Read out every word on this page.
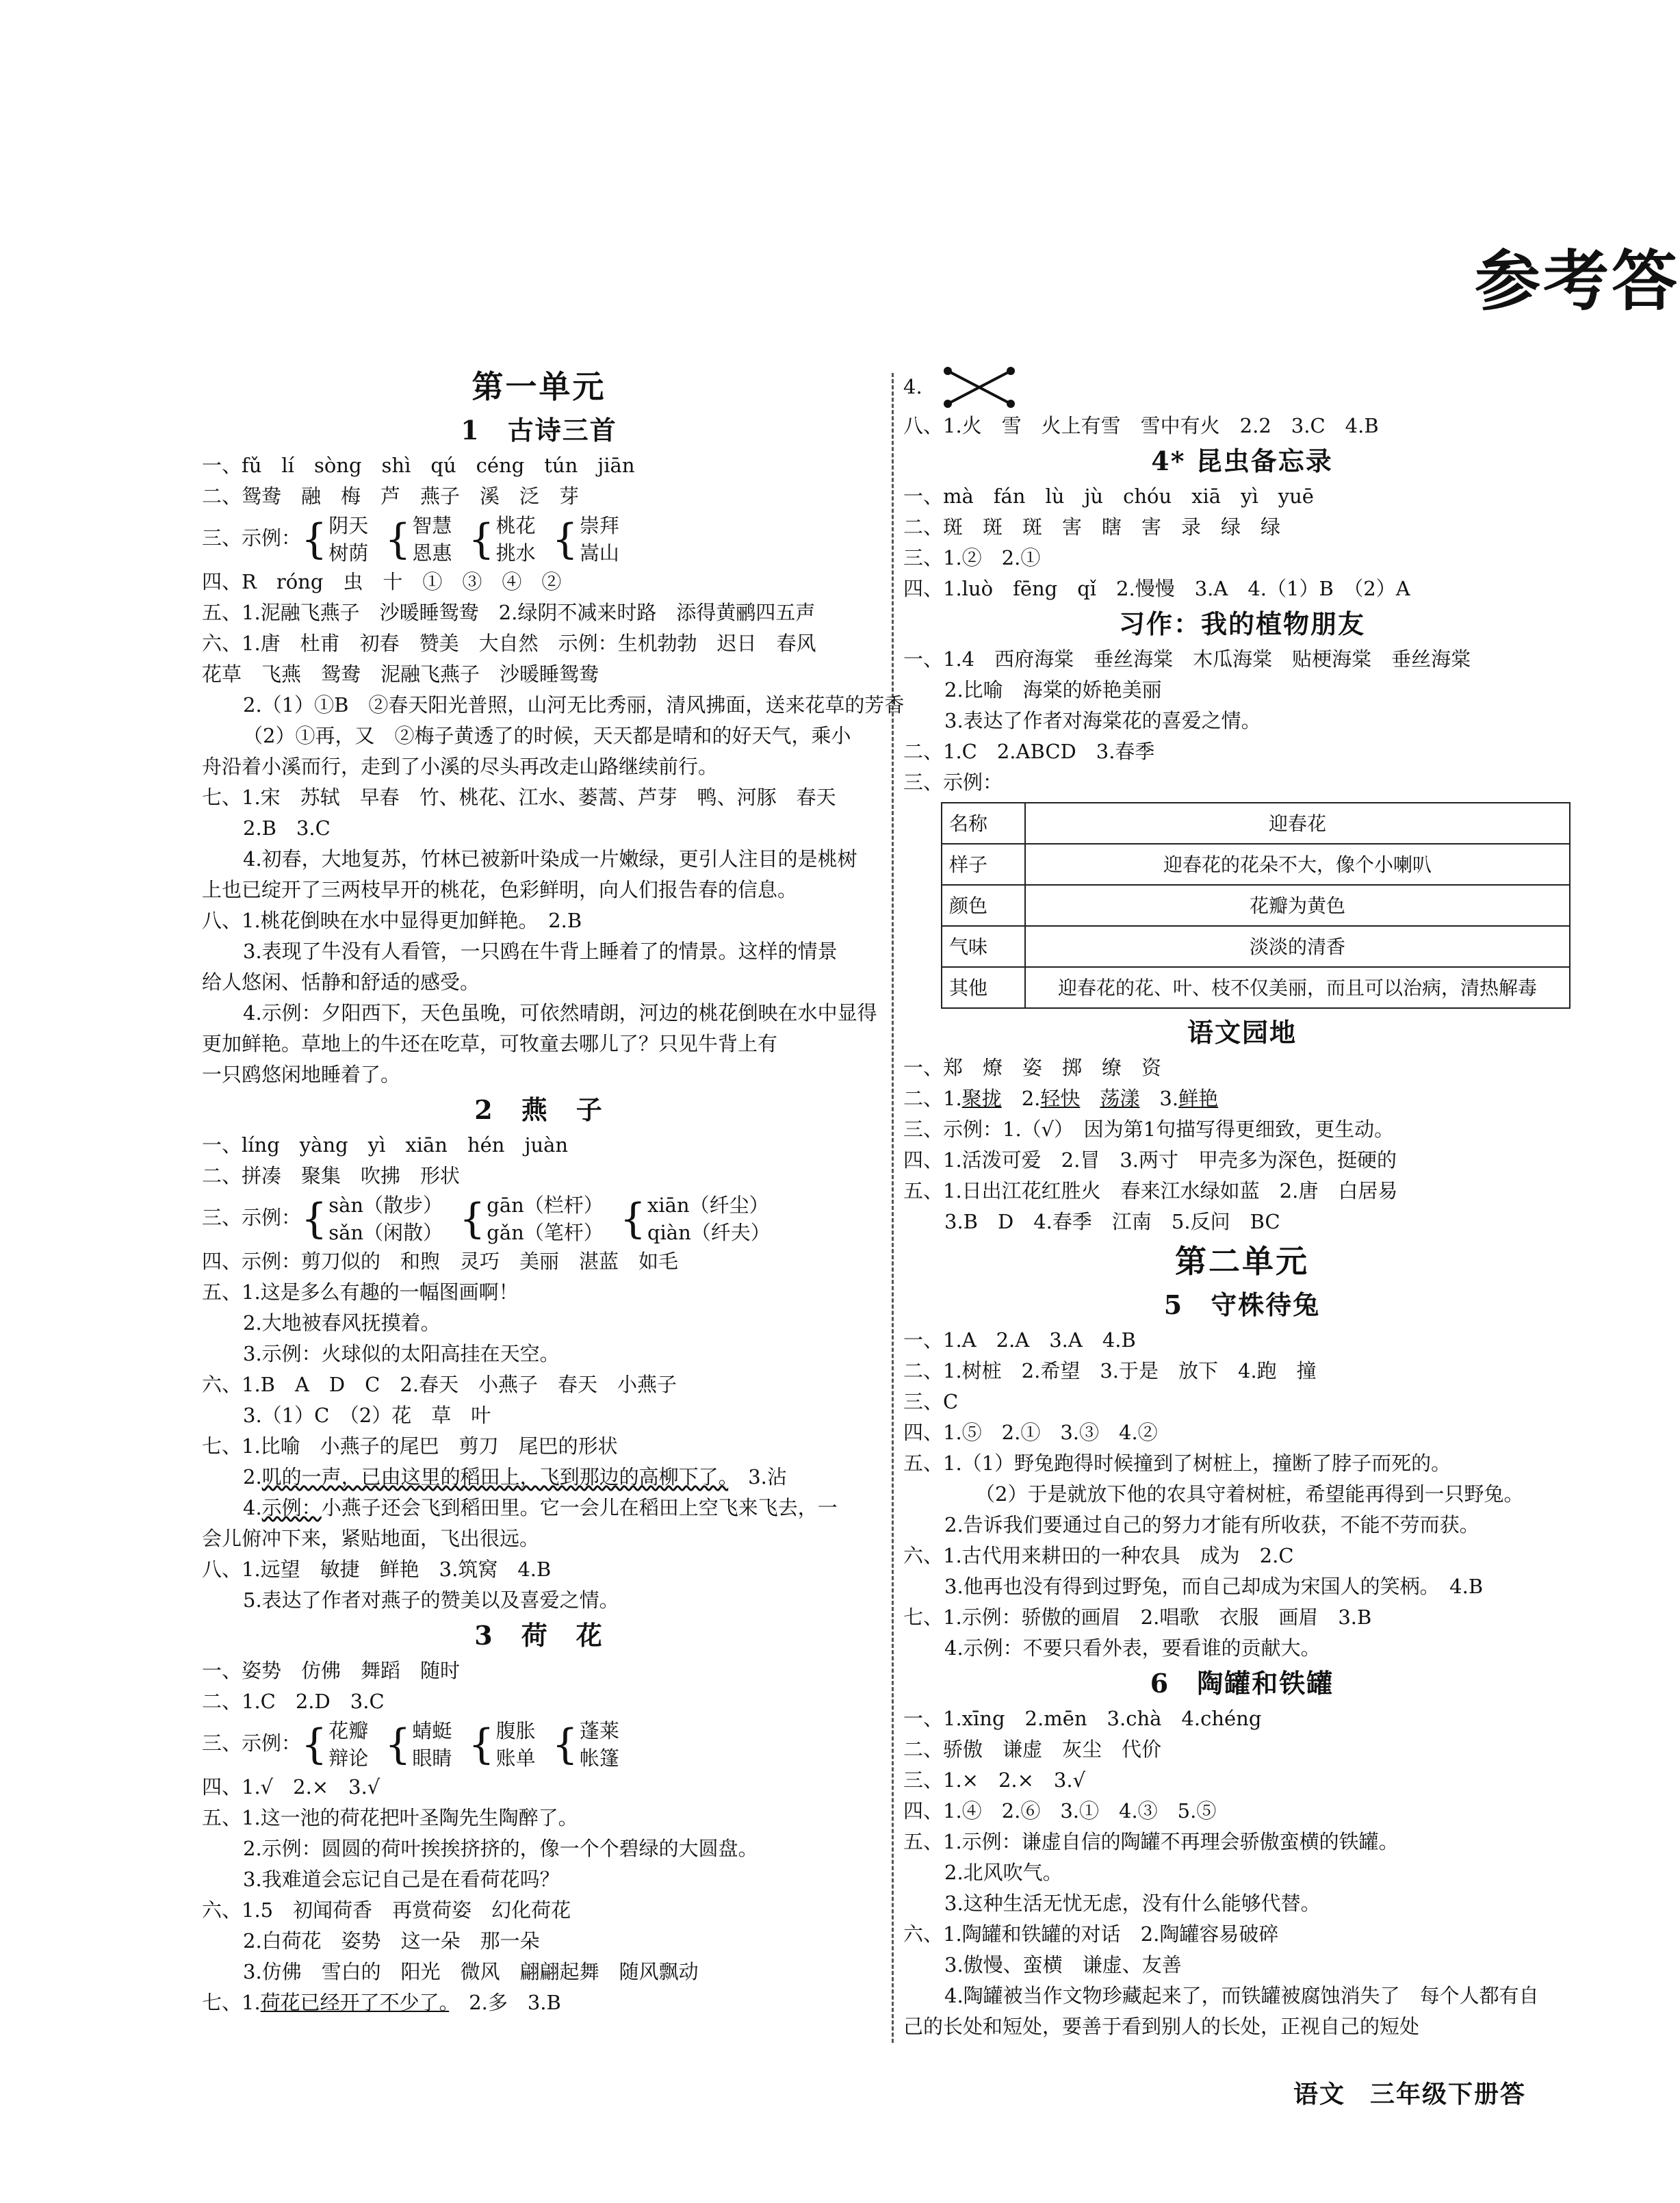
参考答
第一单元
1　古诗三首
一、fǔ　lí　sòng　shì　qú　céng　tún　jiān
二、鸳鸯　融　梅　芦　燕子　溪　泛　芽
三、示例： { 阴天
树荫 { 智慧
恩惠 { 桃花
挑水 { 崇拜
嵩山
四、R　róng　虫　十　①　③　④　②
五、1.泥融飞燕子　沙暖睡鸳鸯　2.绿阴不减来时路　添得黄鹂四五声
六、1.唐　杜甫　初春　赞美　大自然　示例：生机勃勃　迟日　春风
花草　飞燕　鸳鸯　泥融飞燕子　沙暖睡鸳鸯
2.（1）①B　②春天阳光普照，山河无比秀丽，清风拂面，送来花草的芳香
（2）①再，又　②梅子黄透了的时候，天天都是晴和的好天气，乘小
舟沿着小溪而行，走到了小溪的尽头再改走山路继续前行。
七、1.宋　苏轼　早春　竹、桃花、江水、蒌蒿、芦芽　鸭、河豚　春天
2.B　3.C
4.初春，大地复苏，竹林已被新叶染成一片嫩绿，更引人注目的是桃树
上也已绽开了三两枝早开的桃花，色彩鲜明，向人们报告春的信息。
八、1.桃花倒映在水中显得更加鲜艳。　2.B
3.表现了牛没有人看管，一只鸥在牛背上睡着了的情景。这样的情景
给人悠闲、恬静和舒适的感受。
4.示例：夕阳西下，天色虽晚，可依然晴朗，河边的桃花倒映在水中显得
更加鲜艳。草地上的牛还在吃草，可牧童去哪儿了？只见牛背上有
一只鸥悠闲地睡着了。
2　燕　子
一、líng　yàng　yì　xiān　hén　juàn
二、拼凑　聚集　吹拂　形状
三、示例： { sàn（散步）
sǎn（闲散） { gān（栏杆）
gǎn（笔杆） { xiān（纤尘）
qiàn（纤夫）
四、示例：剪刀似的　和煦　灵巧　美丽　湛蓝　如毛
五、1.这是多么有趣的一幅图画啊！
2.大地被春风抚摸着。
3.示例：火球似的太阳高挂在天空。
六、1.B　A　D　C　2.春天　小燕子　春天　小燕子
3.（1）C　（2）花　草　叶
七、1.比喻　小燕子的尾巴　剪刀　尾巴的形状
2.叽的一声，已由这里的稻田上，飞到那边的高柳下了。　3.沾
4.示例：小燕子还会飞到稻田里。它一会儿在稻田上空飞来飞去，一
会儿俯冲下来，紧贴地面，飞出很远。
八、1.远望　敏捷　鲜艳　3.筑窝　4.B
5.表达了作者对燕子的赞美以及喜爱之情。
3　荷　花
一、姿势　仿佛　舞蹈　随时
二、1.C　2.D　3.C
三、示例： { 花瓣
辩论 { 蜻蜓
眼睛 { 腹胀
账单 { 蓬莱
帐篷
四、1.√　2.×　3.√
五、1.这一池的荷花把叶圣陶先生陶醉了。
2.示例：圆圆的荷叶挨挨挤挤的，像一个个碧绿的大圆盘。
3.我难道会忘记自己是在看荷花吗？
六、1.5　初闻荷香　再赏荷姿　幻化荷花
2.白荷花　姿势　这一朵　那一朵
3.仿佛　雪白的　阳光　微风　翩翩起舞　随风飘动
七、1.荷花已经开了不少了。　2.多　3.B
4.
八、1.火　雪　火上有雪　雪中有火　2.2　3.C　4.B
4* 昆虫备忘录
一、mà　fán　lù　jù　chóu　xiā　yì　yuē
二、斑　斑　斑　害　瞎　害　录　绿　绿
三、1.②　2.①
四、1.luò　fēng　qǐ　2.慢慢　3.A　4.（1）B　（2）A
习作：我的植物朋友
一、1.4　西府海棠　垂丝海棠　木瓜海棠　贴梗海棠　垂丝海棠
2.比喻　海棠的娇艳美丽
3.表达了作者对海棠花的喜爱之情。
二、1.C　2.ABCD　3.春季
三、示例：
名称	迎春花
样子	迎春花的花朵不大，像个小喇叭
颜色	花瓣为黄色
气味	淡淡的清香
其他	迎春花的花、叶、枝不仅美丽，而且可以治病，清热解毒
语文园地
一、郑　燎　姿　掷　缭　资
二、1.聚拢　2.轻快　 荡漾　3.鲜艳
三、示例：1.（√）　因为第1句描写得更细致，更生动。
四、1.活泼可爱　2.冒　3.两寸　甲壳多为深色，挺硬的
五、1.日出江花红胜火　春来江水绿如蓝　2.唐　白居易
3.B　D　4.春季　江南　5.反问　BC
第二单元
5　守株待兔
一、1.A　2.A　3.A　4.B
二、1.树桩　2.希望　3.于是　放下　4.跑　撞
三、C
四、1.⑤　2.①　3.③　4.②
五、1.（1）野兔跑得时候撞到了树桩上，撞断了脖子而死的。
（2）于是就放下他的农具守着树桩，希望能再得到一只野兔。
2.告诉我们要通过自己的努力才能有所收获，不能不劳而获。
六、1.古代用来耕田的一种农具　成为　2.C
3.他再也没有得到过野兔，而自己却成为宋国人的笑柄。　4.B
七、1.示例：骄傲的画眉　2.唱歌　衣服　画眉　3.B
4.示例：不要只看外表，要看谁的贡献大。
6　陶罐和铁罐
一、1.xīng　2.mēn　3.chà　4.chéng
二、骄傲　谦虚　灰尘　代价
三、1.×　2.×　3.√
四、1.④　2.⑥　3.①　4.③　5.⑤
五、1.示例：谦虚自信的陶罐不再理会骄傲蛮横的铁罐。
2.北风吹气。
3.这种生活无忧无虑，没有什么能够代替。
六、1.陶罐和铁罐的对话　2.陶罐容易破碎
3.傲慢、蛮横　谦虚、友善
4.陶罐被当作文物珍藏起来了，而铁罐被腐蚀消失了　每个人都有自
己的长处和短处，要善于看到别人的长处，正视自己的短处
语文 三年级下册答
